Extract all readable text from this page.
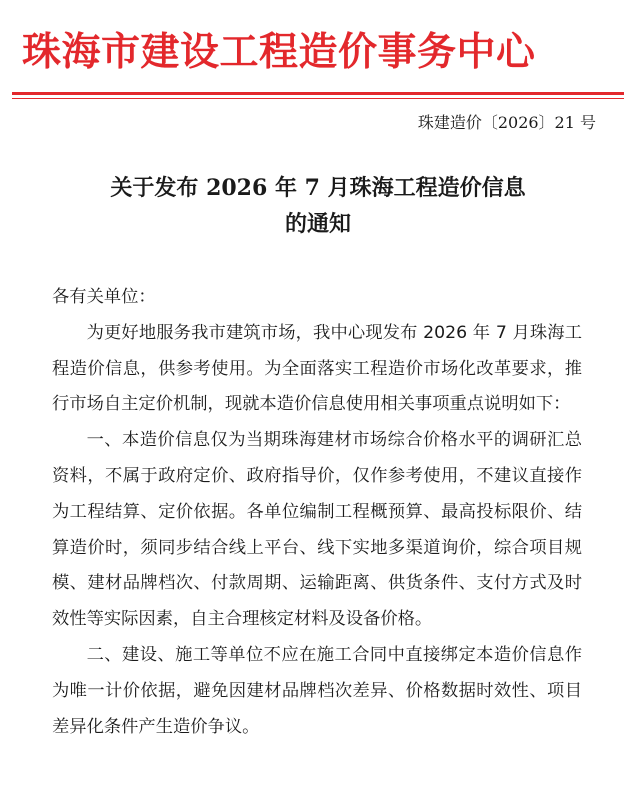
珠海市建设工程造价事务中心
珠建造价〔2026〕21 号
关于发布 2026 年 7 月珠海工程造价信息
的通知

各有关单位：

为更好地服务我市建筑市场，我中心现发布 2026 年 7 月珠海工程造价信息，供参考使用。为全面落实工程造价市场化改革要求，推行市场自主定价机制，现就本造价信息使用相关事项重点说明如下：

一、本造价信息仅为当期珠海建材市场综合价格水平的调研汇总资料，不属于政府定价、政府指导价，仅作参考使用，不建议直接作为工程结算、定价依据。各单位编制工程概预算、最高投标限价、结算造价时，须同步结合线上平台、线下实地多渠道询价，综合项目规模、建材品牌档次、付款周期、运输距离、供货条件、支付方式及时效性等实际因素，自主合理核定材料及设备价格。

二、建设、施工等单位不应在施工合同中直接绑定本造价信息作为唯一计价依据，避免因建材品牌档次差异、价格数据时效性、项目差异化条件产生造价争议。
